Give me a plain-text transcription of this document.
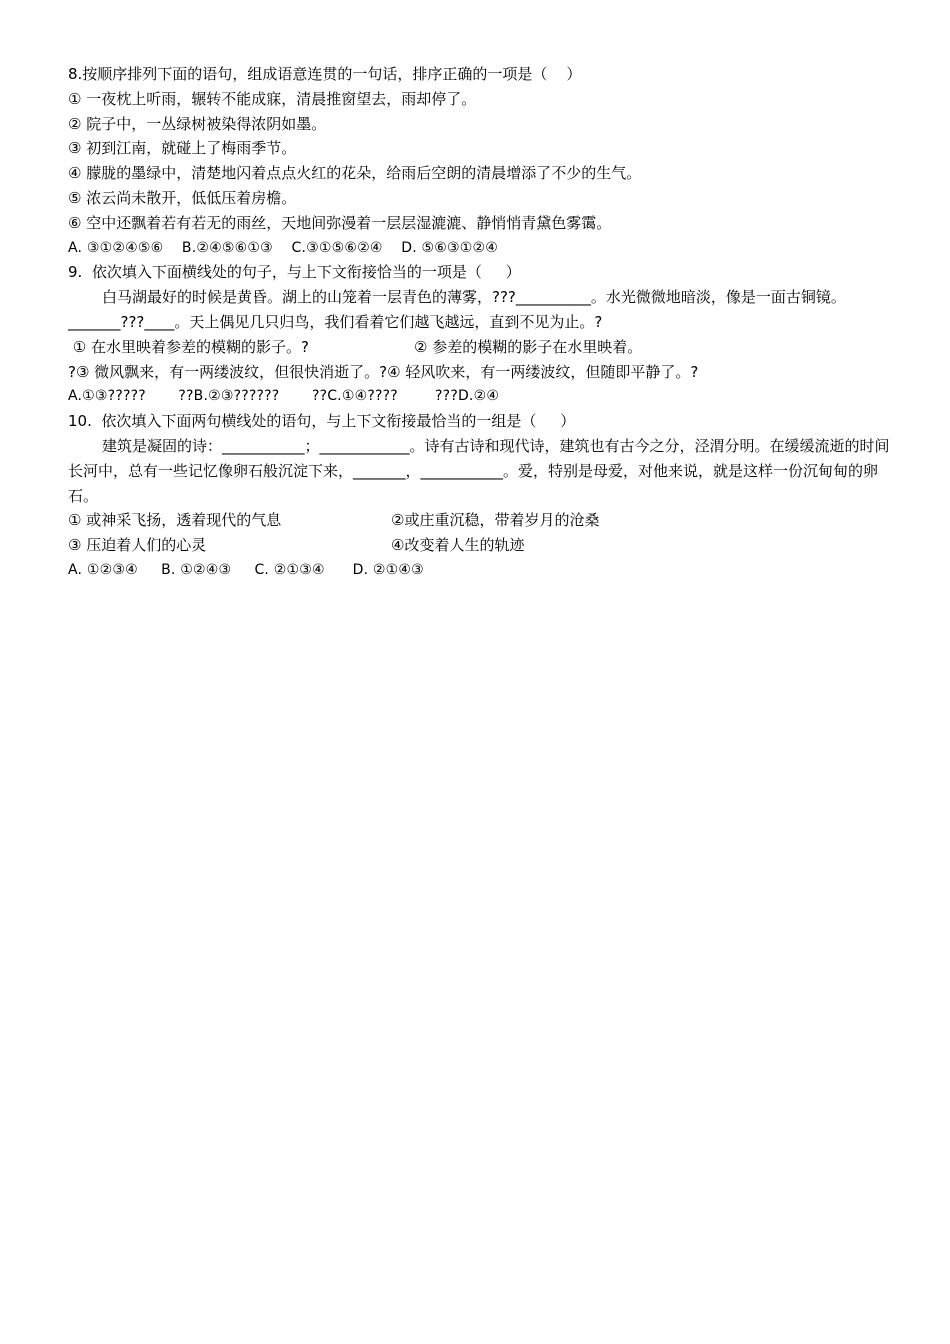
8.按顺序排列下面的语句，组成语意连贯的一句话，排序正确的一项是（    ）
① 一夜枕上听雨，辗转不能成寐，清晨推窗望去，雨却停了。
② 院子中，一丛绿树被染得浓阴如墨。
③ 初到江南，就碰上了梅雨季节。
④ 朦胧的墨绿中，清楚地闪着点点火红的花朵，给雨后空朗的清晨增添了不少的生气。
⑤ 浓云尚未散开，低低压着房檐。
⑥ 空中还飘着若有若无的雨丝，天地间弥漫着一层层湿漉漉、静悄悄青黛色雾霭。
A. ③①②④⑤⑥    B.②④⑤⑥①③    C.③①⑤⑥②④    D. ⑤⑥③①②④
9.  依次填入下面横线处的句子，与上下文衔接恰当的一项是（     ）
白马湖最好的时候是黄昏。湖上的山笼着一层青色的薄雾，???__________。水光微微地暗淡，像是一面古铜镜。_______???____。天上偶见几只归鸟，我们看着它们越飞越远，直到不见为止。?
① 在水里映着参差的模糊的影子。?	② 参差的模糊的影子在水里映着。
?③ 微风飘来，有一两缕波纹，但很快消逝了。?④ 轻风吹来，有一两缕波纹，但随即平静了。?
A.①③?????       ??B.②③??????       ??C.①④????        ???D.②④
10.  依次填入下面两句横线处的语句，与上下文衔接最恰当的一组是（     ）
建筑是凝固的诗：___________；____________。诗有古诗和现代诗，建筑也有古今之分，泾渭分明。在缓缓流逝的时间长河中，总有一些记忆像卵石般沉淀下来，_______，___________。爱，特别是母爱，对他来说，就是这样一份沉甸甸的卵石。
① 或神采飞扬，透着现代的气息	②或庄重沉稳，带着岁月的沧桑
③ 压迫着人们的心灵	④改变着人生的轨迹
A. ①②③④     B. ①②④③     C. ②①③④      D. ②①④③
